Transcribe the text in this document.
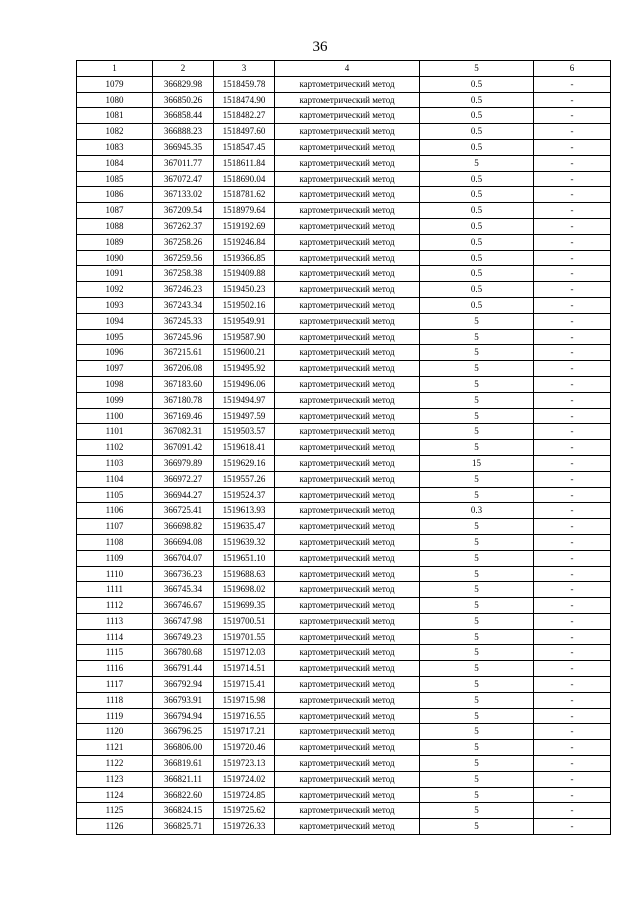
36
1	2	3	4	5	6
1079	366829.98	1518459.78	картометрический метод	0.5	-
1080	366850.26	1518474.90	картометрический метод	0.5	-
1081	366858.44	1518482.27	картометрический метод	0.5	-
1082	366888.23	1518497.60	картометрический метод	0.5	-
1083	366945.35	1518547.45	картометрический метод	0.5	-
1084	367011.77	1518611.84	картометрический метод	5	-
1085	367072.47	1518690.04	картометрический метод	0.5	-
1086	367133.02	1518781.62	картометрический метод	0.5	-
1087	367209.54	1518979.64	картометрический метод	0.5	-
1088	367262.37	1519192.69	картометрический метод	0.5	-
1089	367258.26	1519246.84	картометрический метод	0.5	-
1090	367259.56	1519366.85	картометрический метод	0.5	-
1091	367258.38	1519409.88	картометрический метод	0.5	-
1092	367246.23	1519450.23	картометрический метод	0.5	-
1093	367243.34	1519502.16	картометрический метод	0.5	-
1094	367245.33	1519549.91	картометрический метод	5	-
1095	367245.96	1519587.90	картометрический метод	5	-
1096	367215.61	1519600.21	картометрический метод	5	-
1097	367206.08	1519495.92	картометрический метод	5	-
1098	367183.60	1519496.06	картометрический метод	5	-
1099	367180.78	1519494.97	картометрический метод	5	-
1100	367169.46	1519497.59	картометрический метод	5	-
1101	367082.31	1519503.57	картометрический метод	5	-
1102	367091.42	1519618.41	картометрический метод	5	-
1103	366979.89	1519629.16	картометрический метод	15	-
1104	366972.27	1519557.26	картометрический метод	5	-
1105	366944.27	1519524.37	картометрический метод	5	-
1106	366725.41	1519613.93	картометрический метод	0.3	-
1107	366698.82	1519635.47	картометрический метод	5	-
1108	366694.08	1519639.32	картометрический метод	5	-
1109	366704.07	1519651.10	картометрический метод	5	-
1110	366736.23	1519688.63	картометрический метод	5	-
1111	366745.34	1519698.02	картометрический метод	5	-
1112	366746.67	1519699.35	картометрический метод	5	-
1113	366747.98	1519700.51	картометрический метод	5	-
1114	366749.23	1519701.55	картометрический метод	5	-
1115	366780.68	1519712.03	картометрический метод	5	-
1116	366791.44	1519714.51	картометрический метод	5	-
1117	366792.94	1519715.41	картометрический метод	5	-
1118	366793.91	1519715.98	картометрический метод	5	-
1119	366794.94	1519716.55	картометрический метод	5	-
1120	366796.25	1519717.21	картометрический метод	5	-
1121	366806.00	1519720.46	картометрический метод	5	-
1122	366819.61	1519723.13	картометрический метод	5	-
1123	366821.11	1519724.02	картометрический метод	5	-
1124	366822.60	1519724.85	картометрический метод	5	-
1125	366824.15	1519725.62	картометрический метод	5	-
1126	366825.71	1519726.33	картометрический метод	5	-
